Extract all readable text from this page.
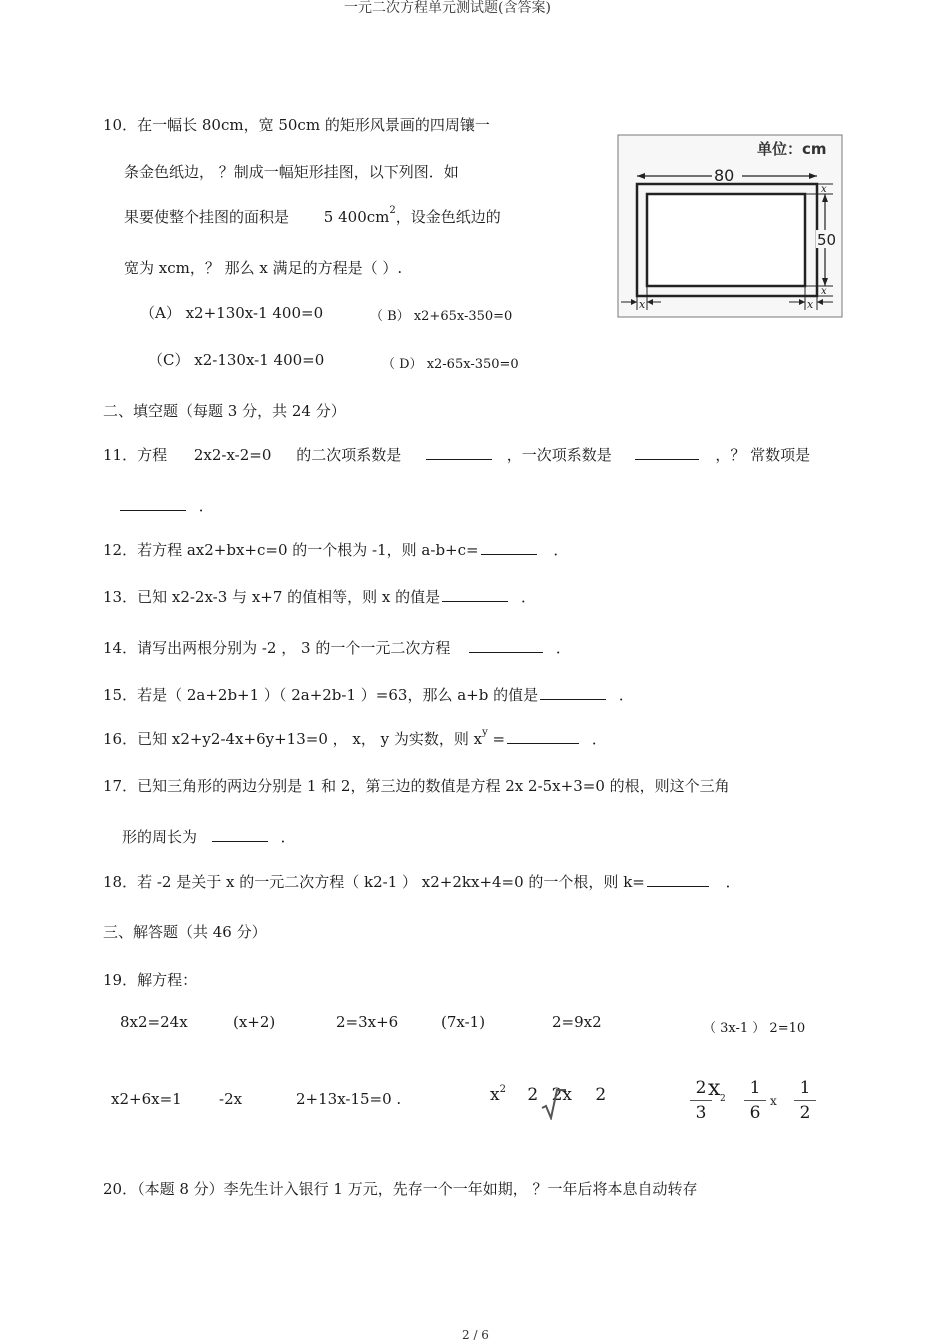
一元二次方程单元测试题(含答案)
10．在一幅长 80cm，宽 50cm 的矩形风景画的四周镶一
条金色纸边， ？制成一幅矩形挂图，以下列图．如
果要使整个挂图的面积是 5 $400cm^2$，设金色纸边的
宽为 xcm，？ 那么 x 满足的方程是（ ）.
（A） x2+130x-1 400=0	（ B） x2+65x-350=0
（C） x2-130x-1 400=0	（ D） x2-65x-350=0
单位：cm
80
50
x
x
x	x
二、填空题（每题 3 分，共 24 分）
11．方程 2x2-x-2=0 的二次项系数是	，一次项系数是	，？ 常数项是
．
12．若方程 ax2+bx+c=0 的一个根为 -1，则 a-b+c=	．
13．已知 x2-2x-3 与 x+7 的值相等，则 x 的值是	．
14．请写出两根分别为 -2 ， 3 的一个一元二次方程	．
15．若是（ 2a+2b+1 ）（ 2a+2b-1 ）=63，那么 a+b 的值是	．
16．已知 x2+y2-4x+6y+13=0 ， x， y 为实数，则 $x^y$ =	．
17．已知三角形的两边分别是 1 和 2，第三边的数值是方程 2x 2-5x+3=0 的根，则这个三角
形的周长为	．
18．若 -2 是关于 x 的一元二次方程（ k2-1 ） x2+2kx+4=0 的一个根，则 k=	．
三、解答题（共 46 分）
19．解方程：
8x2=24x	(x+2)	2=3x+6	(7x-1)	2=9x2	（ 3x-1 ） 2=10
x2+6x=1 -2x	2+13x-15=0 .	$x^2$ 2 2x 2	2
3
x 2
1
6
x
1
2
20．（本题 8 分）李先生计入银行 1 万元，先存一个一年如期， ？一年后将本息自动转存
2 / 6
